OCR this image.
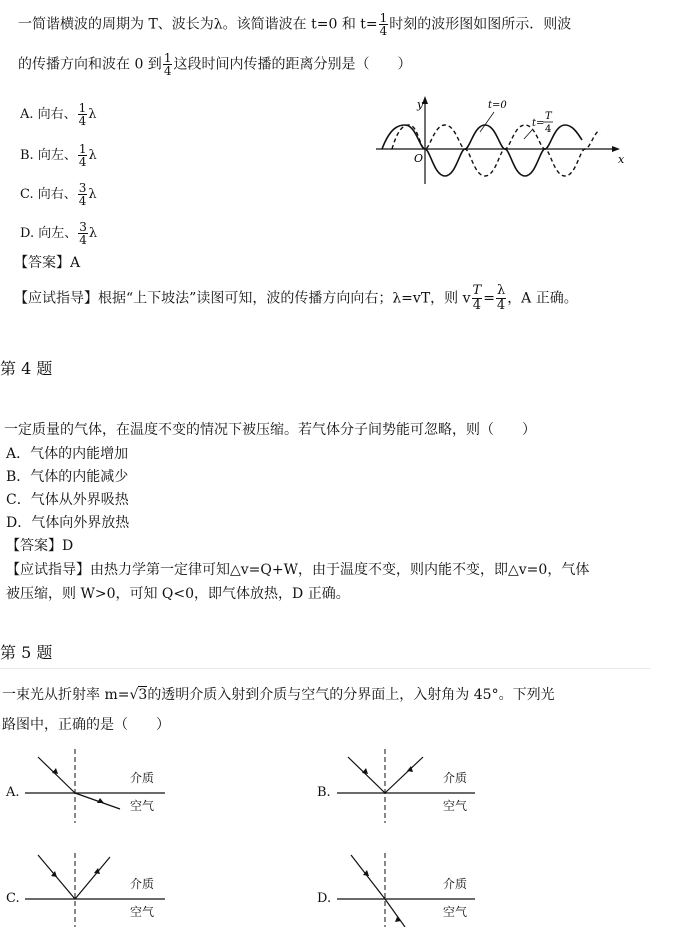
一简谐横波的周期为 T、波长为λ。该简谐波在 t=0 和 $t= \frac{1}{4}$ 时刻的波形图如图所示．则波
的传播方向和波在 0 到 $\frac{1}{4}$ 这段时间内传播的距离分别是（　　）
A. 向右、 $\frac{1}{4}$ λ
B. 向左、 $\frac{1}{4}$ λ
C. 向右、 $\frac{3}{4}$ λ
D. 向左、 $\frac{3}{4}$ λ
【答案】A
【应试指导】根据“上下坡法”读图可知，波的传播方向向右；λ=vT，则 v $\frac{T}{4} = \frac{\lambda}{4}$ ，A 正确。
y
x
O
t=0
t=
T
4
第 4 题
一定质量的气体，在温度不变的情况下被压缩。若气体分子间势能可忽略，则（　　）
A．气体的内能增加
B．气体的内能减少
C．气体从外界吸热
D．气体向外界放热
【答案】D
【应试指导】由热力学第一定律可知△v=Q+W，由于温度不变，则内能不变，即△v=0，气体
被压缩，则 W>0，可知 Q<0，即气体放热，D 正确。
第 5 题
一束光从折射率 m=√3的透明介质入射到介质与空气的分界面上，入射角为 45°。下列光
路图中，正确的是（　　）
A.
介质
空气
B.
介质
空气
C.
介质
空气
D.
介质
空气
